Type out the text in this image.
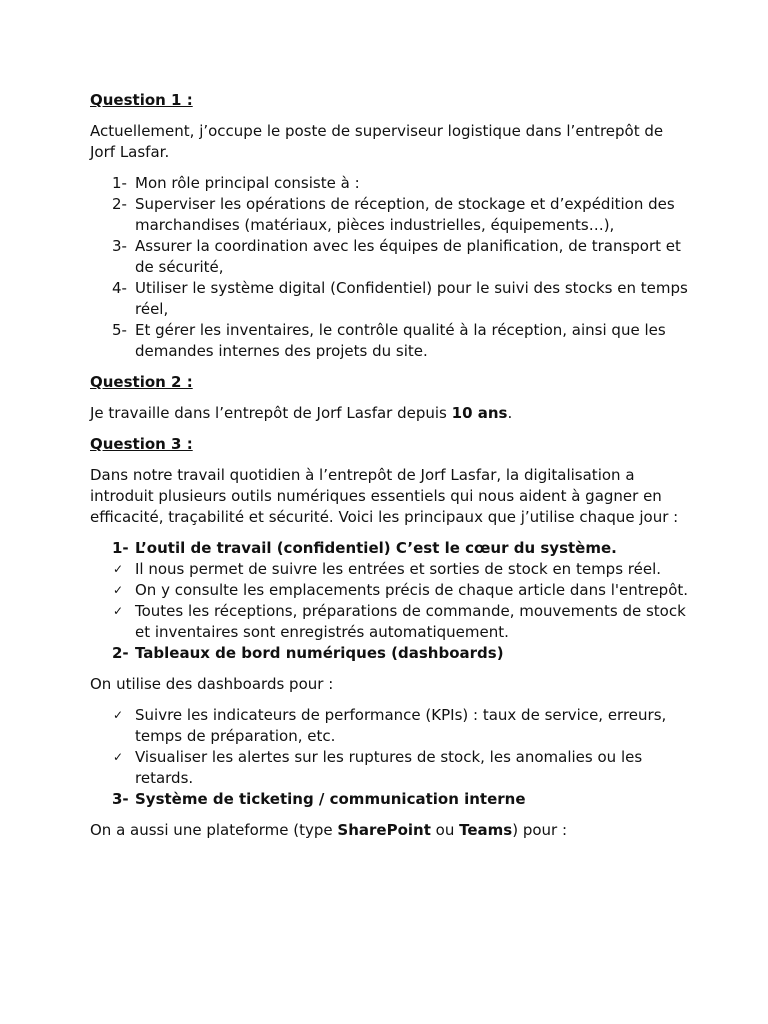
Question 1 :

Actuellement, j’occupe le poste de superviseur logistique dans l’entrepôt de Jorf Lasfar.

1- Mon rôle principal consiste à :
2- Superviser les opérations de réception, de stockage et d’expédition des marchandises (matériaux, pièces industrielles, équipements…),
3- Assurer la coordination avec les équipes de planification, de transport et de sécurité,
4- Utiliser le système digital (Confidentiel) pour le suivi des stocks en temps réel,
5- Et gérer les inventaires, le contrôle qualité à la réception, ainsi que les demandes internes des projets du site.
Question 2 :

Je travaille dans l’entrepôt de Jorf Lasfar depuis 10 ans.

Question 3 :

Dans notre travail quotidien à l’entrepôt de Jorf Lasfar, la digitalisation a introduit plusieurs outils numériques essentiels qui nous aident à gagner en efficacité, traçabilité et sécurité. Voici les principaux que j’utilise chaque jour :

1- L’outil de travail (confidentiel) C’est le cœur du système.
✓ Il nous permet de suivre les entrées et sorties de stock en temps réel.
✓ On y consulte les emplacements précis de chaque article dans l'entrepôt.
✓ Toutes les réceptions, préparations de commande, mouvements de stock et inventaires sont enregistrés automatiquement.
2- Tableaux de bord numériques (dashboards)

On utilise des dashboards pour :

✓ Suivre les indicateurs de performance (KPIs) : taux de service, erreurs, temps de préparation, etc.
✓ Visualiser les alertes sur les ruptures de stock, les anomalies ou les retards.
3- Système de ticketing / communication interne

On a aussi une plateforme (type SharePoint ou Teams) pour :
